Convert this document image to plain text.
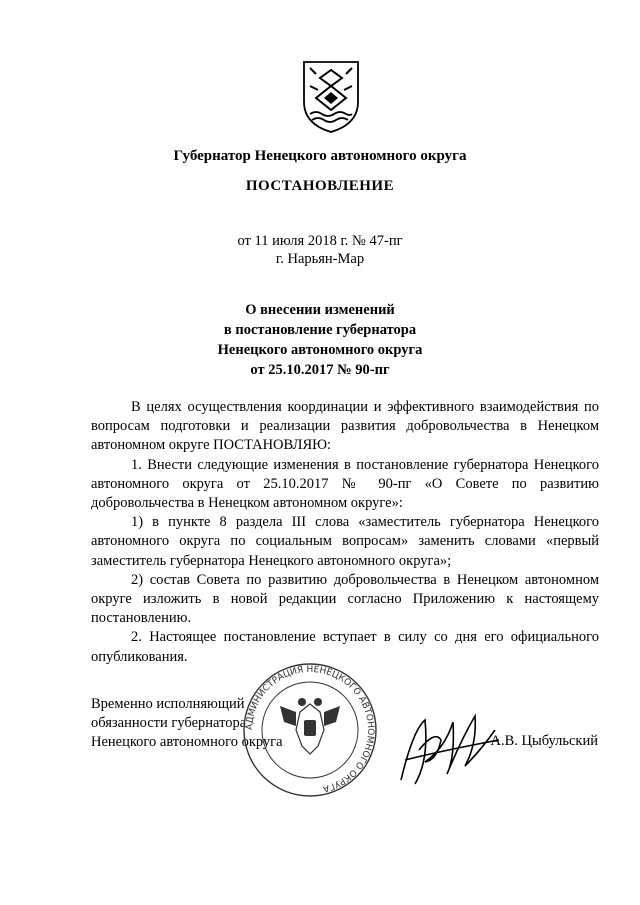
Губернатор Ненецкого автономного округа
ПОСТАНОВЛЕНИЕ
от 11 июля 2018 г. № 47-пг
г. Нарьян-Мар
О внесении изменений
в постановление губернатора
Ненецкого автономного округа
от 25.10.2017 № 90-пг

В целях осуществления координации и эффективного взаимодействия по вопросам подготовки и реализации развития добровольчества в Ненецком автономном округе ПОСТАНОВЛЯЮ:

1. Внести следующие изменения в постановление губернатора Ненецкого автономного округа от 25.10.2017 № 90-пг «О Совете по развитию добровольчества в Ненецком автономном округе»:

1) в пункте 8 раздела III слова «заместитель губернатора Ненецкого автономного округа по социальным вопросам» заменить словами «первый заместитель губернатора Ненецкого автономного округа»;

2) состав Совета по развитию добровольчества в Ненецком автономном округе изложить в новой редакции согласно Приложению к настоящему постановлению.

2. Настоящее постановление вступает в силу со дня его официального опубликования.

Временно исполняющий
обязанности губернатора
Ненецкого автономного округа
АДМИНИСТРАЦИЯ НЕНЕЦКОГО АВТОНОМНОГО ОКРУГА
А.В. Цыбульский
